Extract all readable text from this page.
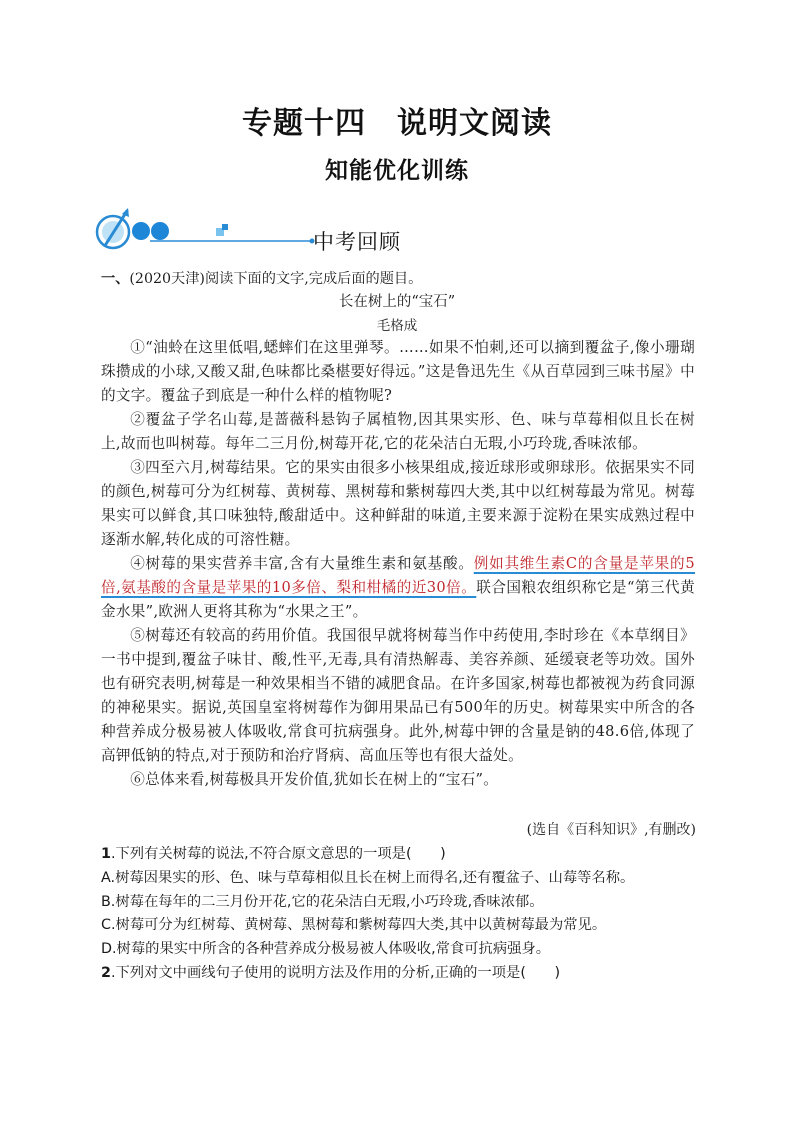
专题十四　说明文阅读
知能优化训练
中考回顾
一、(2020天津)阅读下面的文字,完成后面的题目。
长在树上的“宝石”
毛格成

①“油蛉在这里低唱,蟋蟀们在这里弹琴。……如果不怕刺,还可以摘到覆盆子,像小珊瑚珠攒成的小球,又酸又甜,色味都比桑椹要好得远。”这是鲁迅先生《从百草园到三味书屋》中的文字。覆盆子到底是一种什么样的植物呢?

②覆盆子学名山莓,是蔷薇科悬钩子属植物,因其果实形、色、味与草莓相似且长在树上,故而也叫树莓。每年二三月份,树莓开花,它的花朵洁白无瑕,小巧玲珑,香味浓郁。

③四至六月,树莓结果。它的果实由很多小核果组成,接近球形或卵球形。依据果实不同的颜色,树莓可分为红树莓、黄树莓、黑树莓和紫树莓四大类,其中以红树莓最为常见。树莓果实可以鲜食,其口味独特,酸甜适中。这种鲜甜的味道,主要来源于淀粉在果实成熟过程中逐渐水解,转化成的可溶性糖。

④树莓的果实营养丰富,含有大量维生素和氨基酸。例如其维生素C的含量是苹果的5倍,氨基酸的含量是苹果的10多倍、梨和柑橘的近30倍。联合国粮农组织称它是“第三代黄金水果”,欧洲人更将其称为“水果之王”。

⑤树莓还有较高的药用价值。我国很早就将树莓当作中药使用,李时珍在《本草纲目》一书中提到,覆盆子味甘、酸,性平,无毒,具有清热解毒、美容养颜、延缓衰老等功效。国外也有研究表明,树莓是一种效果相当不错的减肥食品。在许多国家,树莓也都被视为药食同源的神秘果实。据说,英国皇室将树莓作为御用果品已有500年的历史。树莓果实中所含的各种营养成分极易被人体吸收,常食可抗病强身。此外,树莓中钾的含量是钠的48.6倍,体现了高钾低钠的特点,对于预防和治疗肾病、高血压等也有很大益处。

⑥总体来看,树莓极具开发价值,犹如长在树上的“宝石”。

(选自《百科知识》,有删改)
1.下列有关树莓的说法,不符合原文意思的一项是(　　)
A.树莓因果实的形、色、味与草莓相似且长在树上而得名,还有覆盆子、山莓等名称。
B.树莓在每年的二三月份开花,它的花朵洁白无瑕,小巧玲珑,香味浓郁。
C.树莓可分为红树莓、黄树莓、黑树莓和紫树莓四大类,其中以黄树莓最为常见。
D.树莓的果实中所含的各种营养成分极易被人体吸收,常食可抗病强身。
2.下列对文中画线句子使用的说明方法及作用的分析,正确的一项是(　　)
